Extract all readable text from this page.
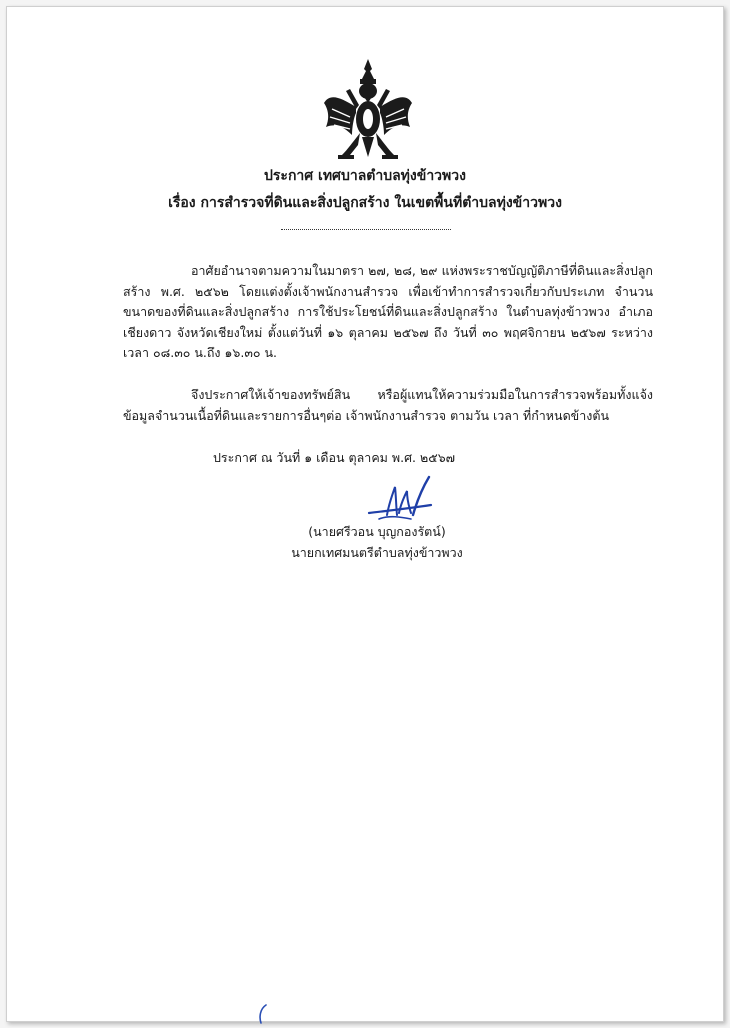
ประกาศ เทศบาลตำบลทุ่งข้าวพวง
เรื่อง การสำรวจที่ดินและสิ่งปลูกสร้าง ในเขตพื้นที่ตำบลทุ่งข้าวพวง

อาศัยอำนาจตามความในมาตรา ๒๗, ๒๘, ๒๙ แห่งพระราชบัญญัติภาษีที่ดินและสิ่งปลูกสร้าง พ.ศ. ๒๕๖๒ โดยแต่งตั้งเจ้าพนักงานสำรวจ เพื่อเข้าทำการสำรวจเกี่ยวกับประเภท จำนวน ขนาดของที่ดินและสิ่งปลูกสร้าง การใช้ประโยชน์ที่ดินและสิ่งปลูกสร้าง ในตำบลทุ่งข้าวพวง อำเภอเชียงดาว จังหวัดเชียงใหม่ ตั้งแต่วันที่ ๑๖ ตุลาคม ๒๕๖๗ ถึง วันที่ ๓๐ พฤศจิกายน ๒๕๖๗ ระหว่างเวลา ๐๘.๓๐ น.ถึง ๑๖.๓๐ น.

จึงประกาศให้เจ้าของทรัพย์สิน หรือผู้แทนให้ความร่วมมือในการสำรวจพร้อมทั้งแจ้งข้อมูลจำนวนเนื้อที่ดินและรายการอื่นๆต่อ เจ้าพนักงานสำรวจ ตามวัน เวลา ที่กำหนดข้างต้น

ประกาศ ณ วันที่ ๑ เดือน ตุลาคม พ.ศ. ๒๕๖๗
(นายศรีวอน บุญกองรัตน์)
นายกเทศมนตรีตำบลทุ่งข้าวพวง
